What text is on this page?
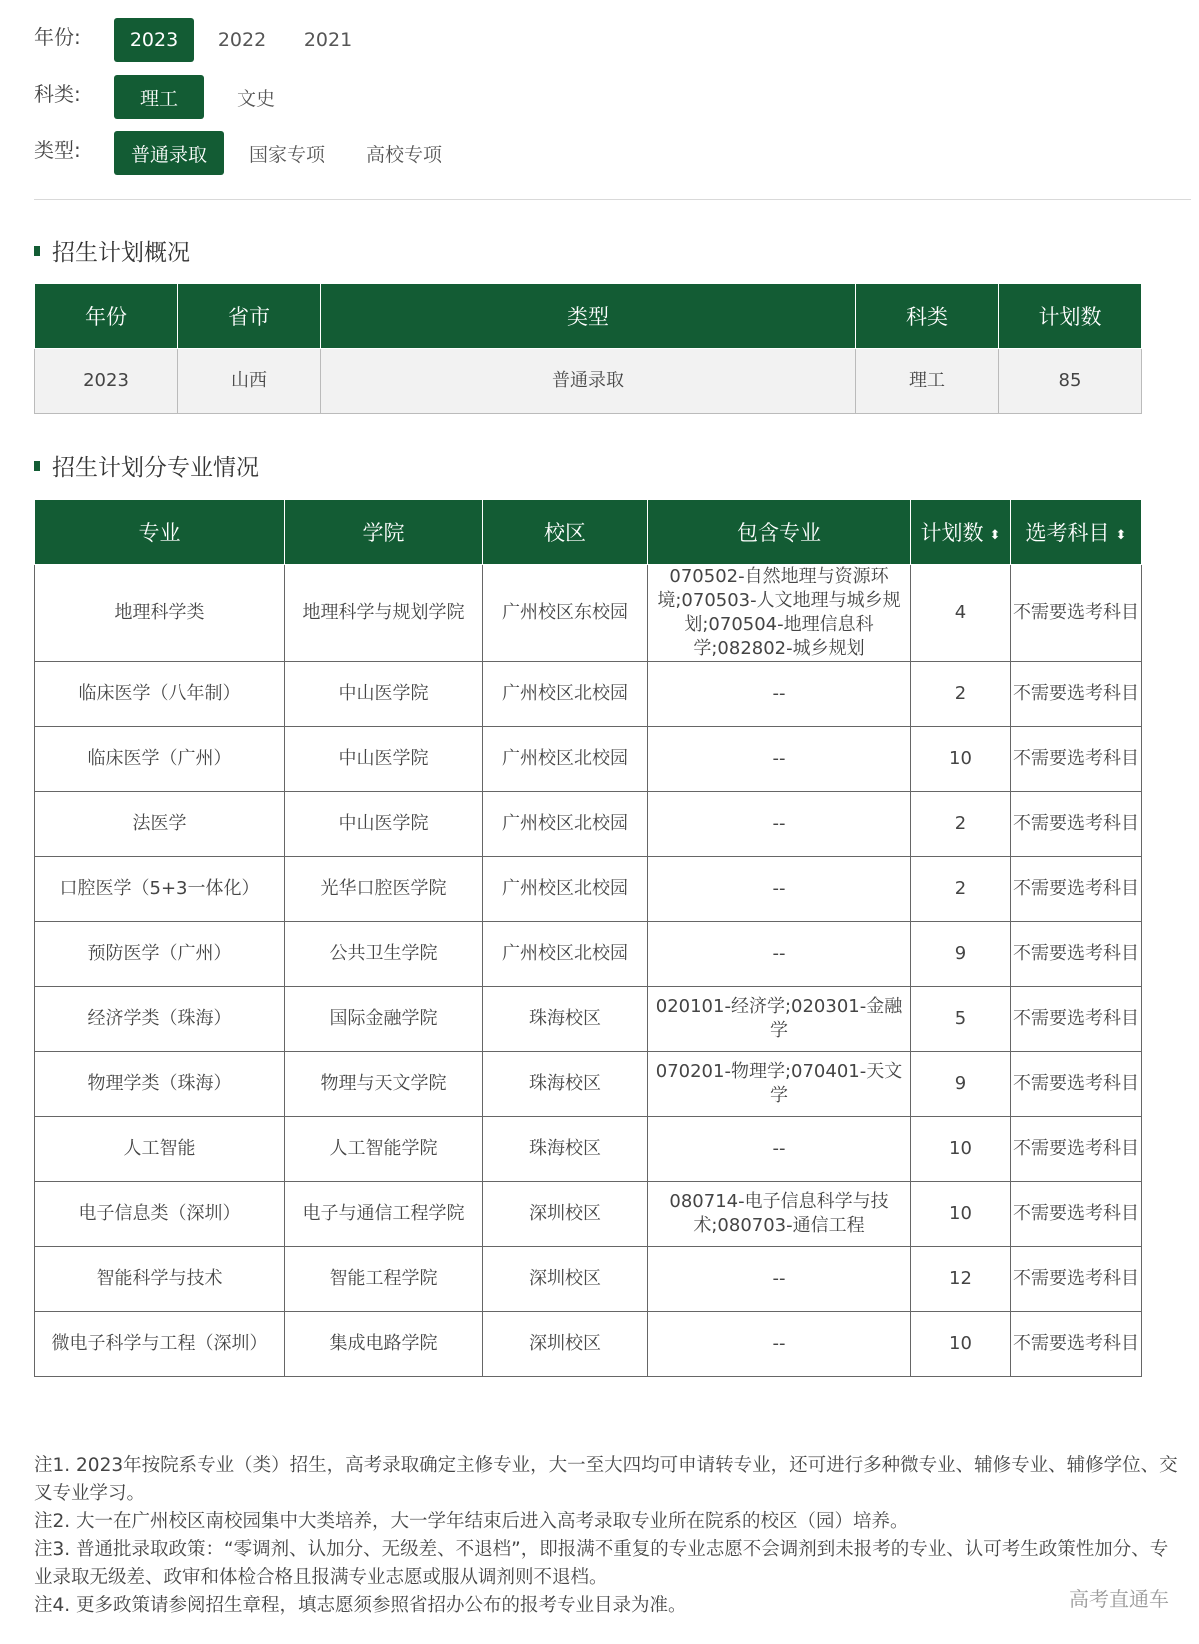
年份:	2023	2022	2021
科类:	理工	文史
类型:	普通录取	国家专项	高校专项
招生计划概况
年份	省市	类型	科类	计划数
2023	山西	普通录取	理工	85
招生计划分专业情况
专业	学院	校区	包含专业	计划数 ⬍	选考科目 ⬍
地理科学类	地理科学与规划学院	广州校区东校园	070502-自然地理与资源环境;070503-人文地理与城乡规划;070504-地理信息科学;082802-城乡规划	4	不需要选考科目
临床医学（八年制）	中山医学院	广州校区北校园	--	2	不需要选考科目
临床医学（广州）	中山医学院	广州校区北校园	--	10	不需要选考科目
法医学	中山医学院	广州校区北校园	--	2	不需要选考科目
口腔医学（5+3一体化）	光华口腔医学院	广州校区北校园	--	2	不需要选考科目
预防医学（广州）	公共卫生学院	广州校区北校园	--	9	不需要选考科目
经济学类（珠海）	国际金融学院	珠海校区	020101-经济学;020301-金融学	5	不需要选考科目
物理学类（珠海）	物理与天文学院	珠海校区	070201-物理学;070401-天文学	9	不需要选考科目
人工智能	人工智能学院	珠海校区	--	10	不需要选考科目
电子信息类（深圳）	电子与通信工程学院	深圳校区	080714-电子信息科学与技术;080703-通信工程	10	不需要选考科目
智能科学与技术	智能工程学院	深圳校区	--	12	不需要选考科目
微电子科学与工程（深圳）	集成电路学院	深圳校区	--	10	不需要选考科目
注1. 2023年按院系专业（类）招生，高考录取确定主修专业，大一至大四均可申请转专业，还可进行多种微专业、辅修专业、辅修学位、交叉专业学习。
注2. 大一在广州校区南校园集中大类培养，大一学年结束后进入高考录取专业所在院系的校区（园）培养。
注3. 普通批录取政策：“零调剂、认加分、无级差、不退档”，即报满不重复的专业志愿不会调剂到未报考的专业、认可考生政策性加分、专业录取无级差、政审和体检合格且报满专业志愿或服从调剂则不退档。
注4. 更多政策请参阅招生章程，填志愿须参照省招办公布的报考专业目录为准。	高考直通车
